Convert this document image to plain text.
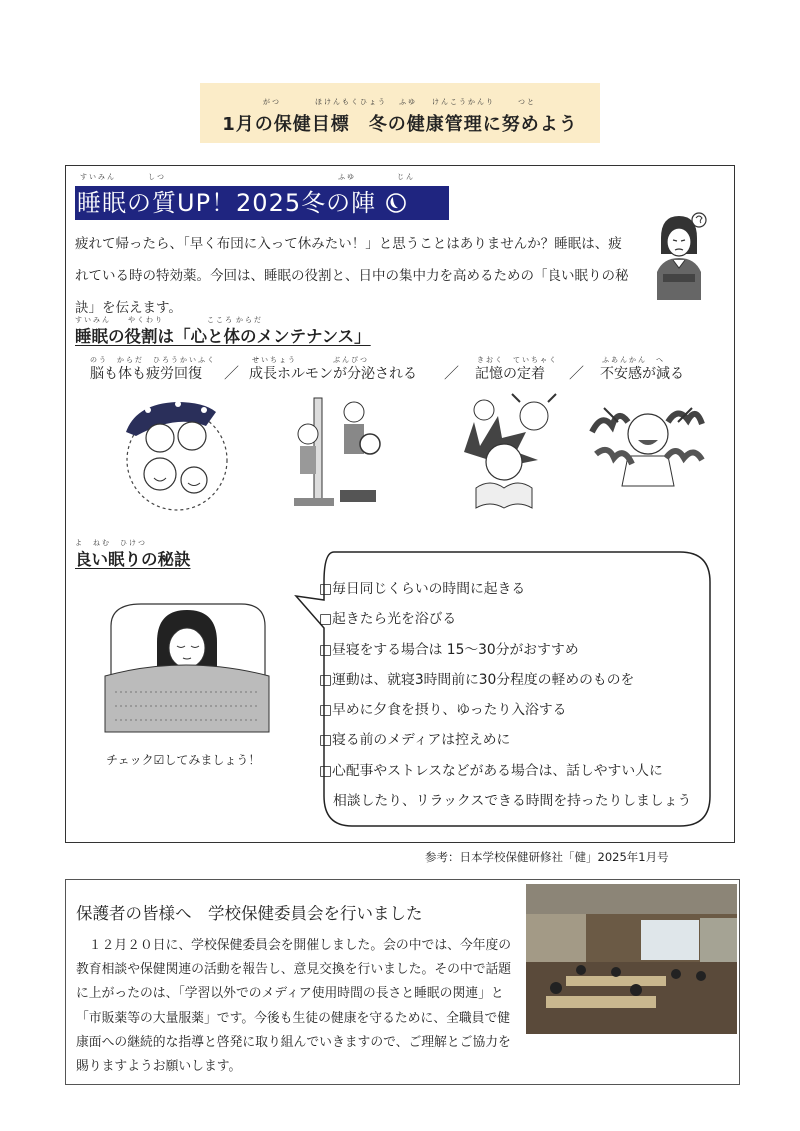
がつ	ほけんもくひょう ふゆ けんこうかんり	つと
1月の保健目標　冬の健康管理に努めよう
すいみん	しつ	ふゆ	じん
睡眠の質UP！2025冬の陣
疲れて帰ったら、「早く布団に入って休みたい！」と思うことはありませんか？睡眠は、疲れている時の特効薬。今回は、睡眠の役割と、日中の集中力を高めるための「良い眠りの秘訣」を伝えます。
すいみん やくわり	こころ からだ
睡眠の役割は「心と体のメンテナンス」
のう　からだ　ひろうかいふく
脳も体も疲労回復 ／
せいちょう　　　　ぶんぴつ
成長ホルモンが分泌される ／
きおく　ていちゃく
記憶の定着 ／
ふあんかん　へ
不安感が減る
よ　ねむ　ひけつ
良い眠りの秘訣
□毎日同じくらいの時間に起きる
□起きたら光を浴びる
□昼寝をする場合は 15～30分がおすすめ
□運動は、就寝3時間前に30分程度の軽めのものを
□早めに夕食を摂り、ゆったり入浴する
□寝る前のメディアは控えめに
□心配事やストレスなどがある場合は、話しやすい人に
相談したり、リラックスできる時間を持ったりしましょう
チェック☑してみましょう！
参考：日本学校保健研修社「健」2025年1月号
保護者の皆様へ　学校保健委員会を行いました
　１２月２０日に、学校保健委員会を開催しました。会の中では、今年度の教育相談や保健関連の活動を報告し、意見交換を行いました。その中で話題に上がったのは、「学習以外でのメディア使用時間の長さと睡眠の関連」と「市販薬等の大量服薬」です。今後も生徒の健康を守るために、全職員で健康面への継続的な指導と啓発に取り組んでいきますので、ご理解とご協力を賜りますようお願いします。
